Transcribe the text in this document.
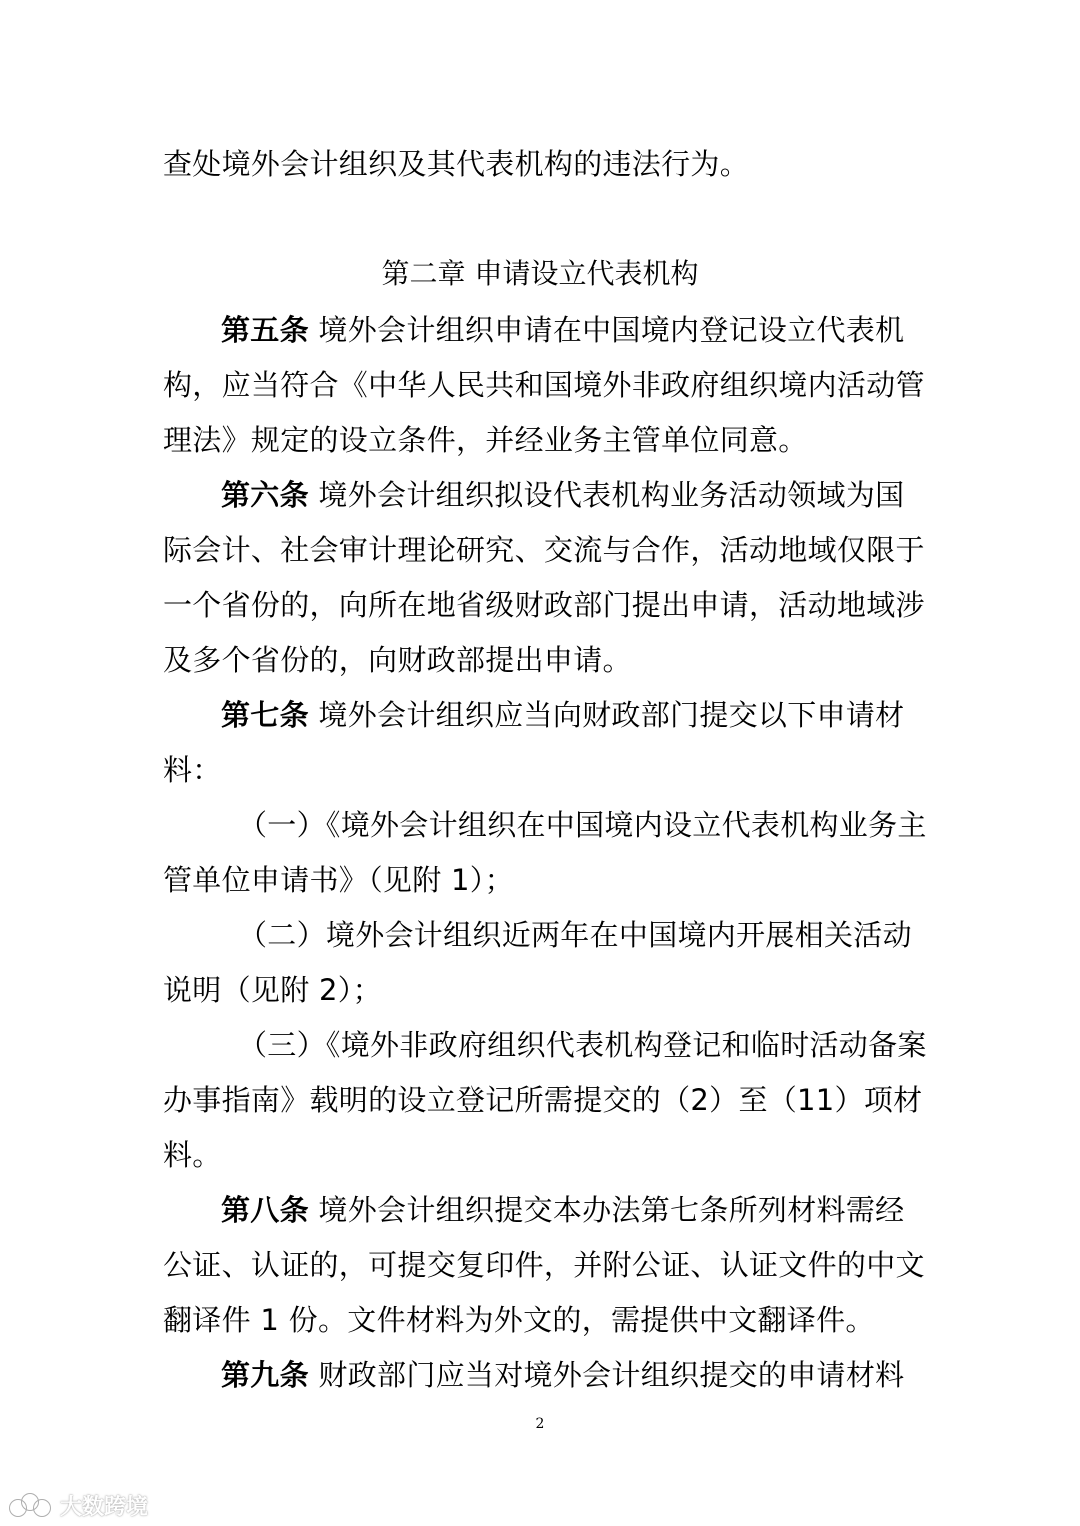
查处境外会计组织及其代表机构的违法行为。
第二章 申请设立代表机构
第五条 境外会计组织申请在中国境内登记设立代表机
构，应当符合《中华人民共和国境外非政府组织境内活动管
理法》规定的设立条件，并经业务主管单位同意。
第六条 境外会计组织拟设代表机构业务活动领域为国
际会计、社会审计理论研究、交流与合作，活动地域仅限于
一个省份的，向所在地省级财政部门提出申请，活动地域涉
及多个省份的，向财政部提出申请。
第七条 境外会计组织应当向财政部门提交以下申请材
料：
（一）《境外会计组织在中国境内设立代表机构业务主
管单位申请书》（见附 1）；
（二）境外会计组织近两年在中国境内开展相关活动
说明（见附 2）；
（三）《境外非政府组织代表机构登记和临时活动备案
办事指南》载明的设立登记所需提交的（2）至（11）项材
料。
第八条 境外会计组织提交本办法第七条所列材料需经
公证、认证的，可提交复印件，并附公证、认证文件的中文
翻译件 1 份。文件材料为外文的，需提供中文翻译件。
第九条 财政部门应当对境外会计组织提交的申请材料
2
大数跨境
